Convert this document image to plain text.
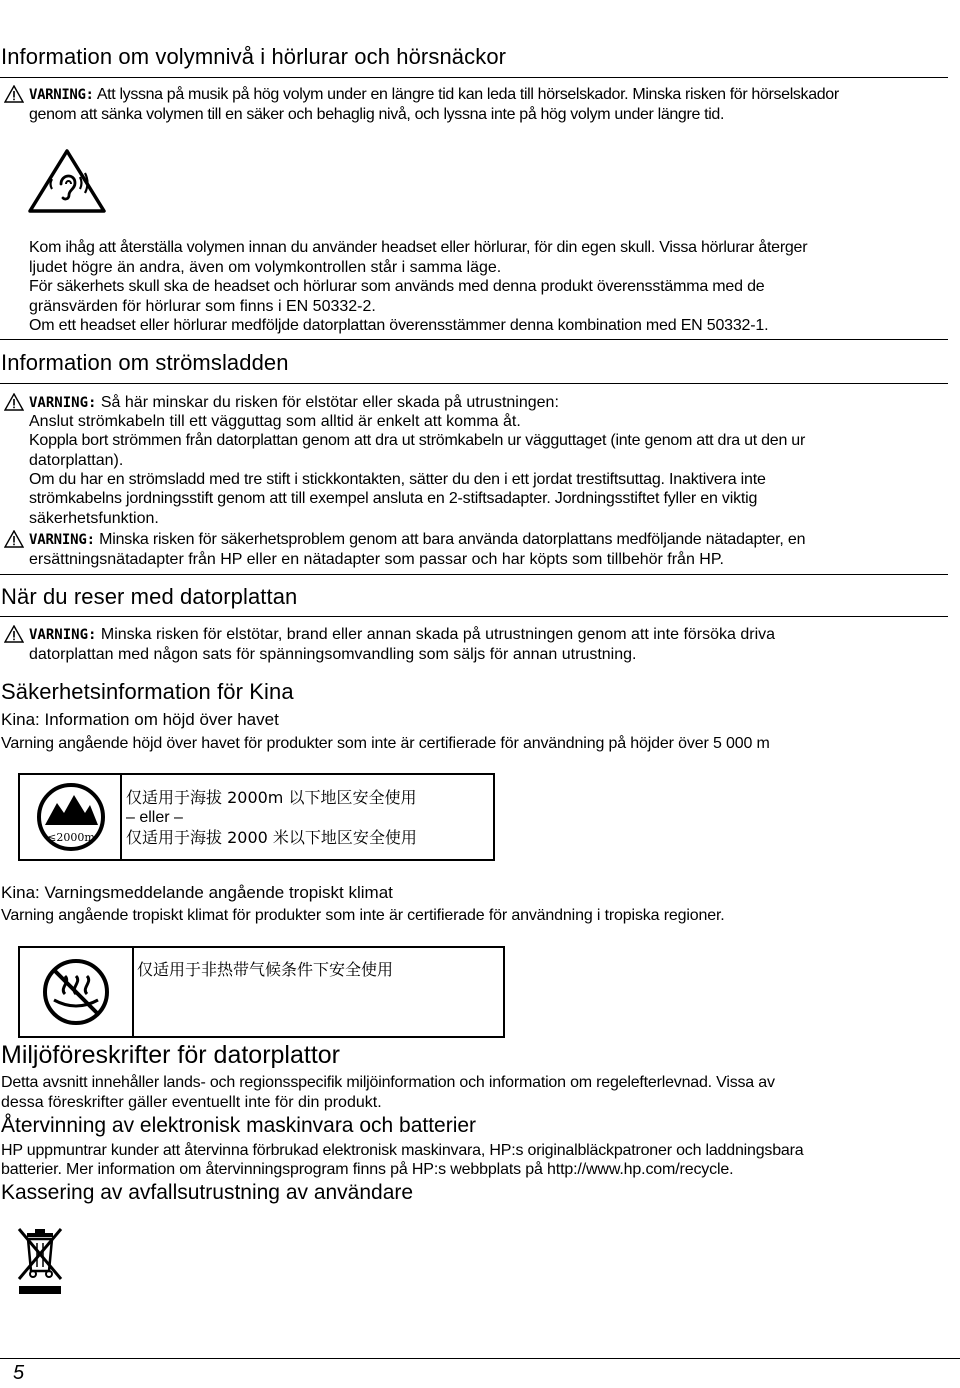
Information om volymnivå i hörlurar och hörsnäckor
VARNING: Att lyssna på musik på hög volym under en längre tid kan leda till hörselskador. Minska risken för hörselskador
genom att sänka volymen till en säker och behaglig nivå, och lyssna inte på hög volym under längre tid.
Kom ihåg att återställa volymen innan du använder headset eller hörlurar, för din egen skull. Vissa hörlurar återger
ljudet högre än andra, även om volymkontrollen står i samma läge.
För säkerhets skull ska de headset och hörlurar som används med denna produkt överensstämma med de
gränsvärden för hörlurar som finns i EN 50332-2.
Om ett headset eller hörlurar medföljde datorplattan överensstämmer denna kombination med EN 50332-1.
Information om strömsladden
VARNING: Så här minskar du risken för elstötar eller skada på utrustningen:
Anslut strömkabeln till ett vägguttag som alltid är enkelt att komma åt.
Koppla bort strömmen från datorplattan genom att dra ut strömkabeln ur vägguttaget (inte genom att dra ut den ur
datorplattan).
Om du har en strömsladd med tre stift i stickkontakten, sätter du den i ett jordat trestiftsuttag. Inaktivera inte
strömkabelns jordningsstift genom att till exempel ansluta en 2-stiftsadapter. Jordningsstiftet fyller en viktig
säkerhetsfunktion.
VARNING: Minska risken för säkerhetsproblem genom att bara använda datorplattans medföljande nätadapter, en
ersättningsnätadapter från HP eller en nätadapter som passar och har köpts som tillbehör från HP.
När du reser med datorplattan
VARNING: Minska risken för elstötar, brand eller annan skada på utrustningen genom att inte försöka driva
datorplattan med någon sats för spänningsomvandling som säljs för annan utrustning.
Säkerhetsinformation för Kina
Kina: Information om höjd över havet
Varning angående höjd över havet för produkter som inte är certifierade för användning på höjder över 5 000 m
≤2000m
仅适用于海拔 2000m 以下地区安全使用
– eller –
仅适用于海拔 2000 米以下地区安全使用
Kina: Varningsmeddelande angående tropiskt klimat
Varning angående tropiskt klimat för produkter som inte är certifierade för användning i tropiska regioner.
仅适用于非热带气候条件下安全使用
Miljöföreskrifter för datorplattor
Detta avsnitt innehåller lands- och regionsspecifik miljöinformation och information om regelefterlevnad. Vissa av
dessa föreskrifter gäller eventuellt inte för din produkt.
Återvinning av elektronisk maskinvara och batterier
HP uppmuntrar kunder att återvinna förbrukad elektronisk maskinvara, HP:s originalbläckpatroner och laddningsbara
batterier. Mer information om återvinningsprogram finns på HP:s webbplats på http://www.hp.com/recycle.
Kassering av avfallsutrustning av användare
5
